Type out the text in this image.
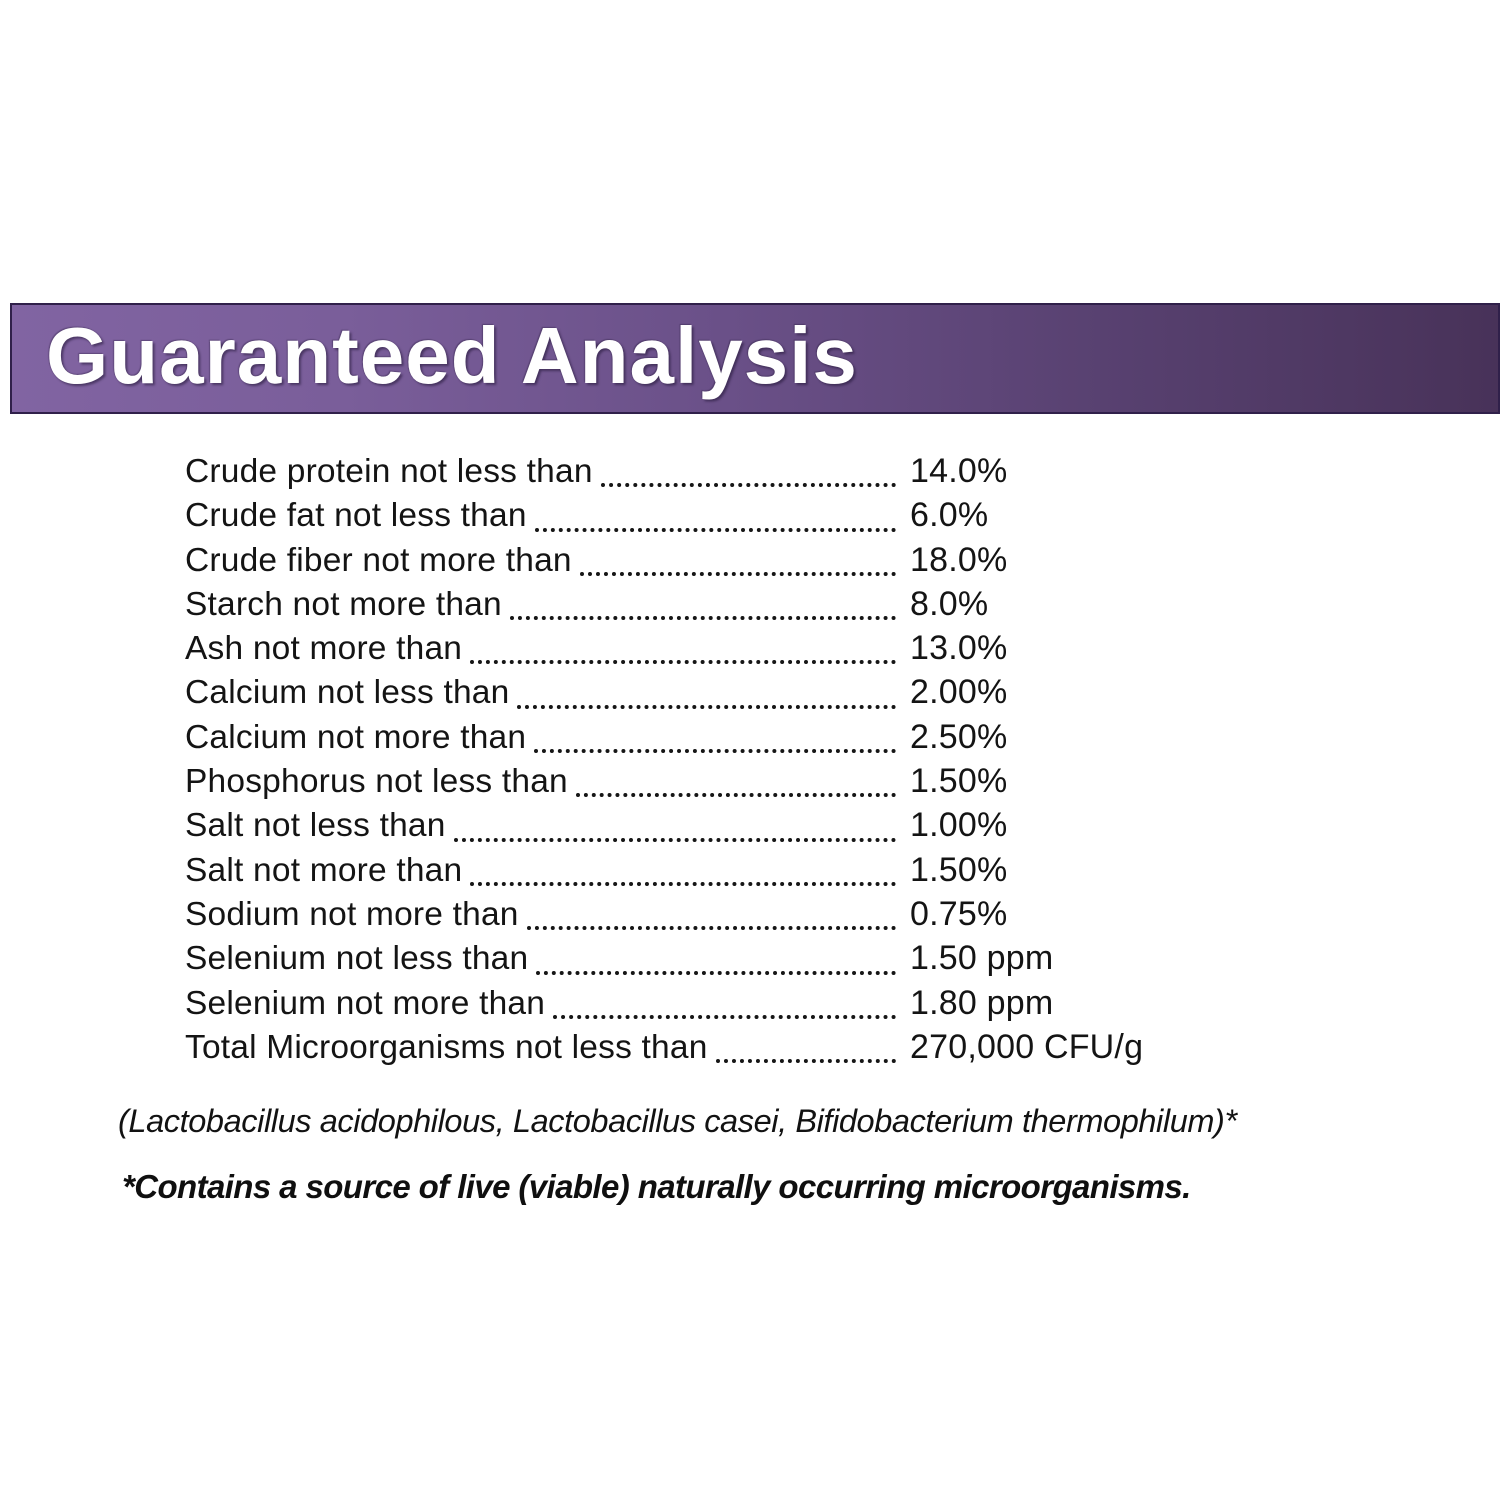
Guaranteed Analysis
Crude protein not less than	14.0%
Crude fat not less than	6.0%
Crude fiber not more than	18.0%
Starch not more than	8.0%
Ash not more than	13.0%
Calcium not less than	2.00%
Calcium not more than	2.50%
Phosphorus not less than	1.50%
Salt not less than	1.00%
Salt not more than	1.50%
Sodium not more than	0.75%
Selenium not less than	1.50 ppm
Selenium not more than	1.80 ppm
Total Microorganisms not less than	270,000 CFU/g
(Lactobacillus acidophilous, Lactobacillus casei, Bifidobacterium thermophilum)*
*Contains a source of live (viable) naturally occurring microorganisms.
